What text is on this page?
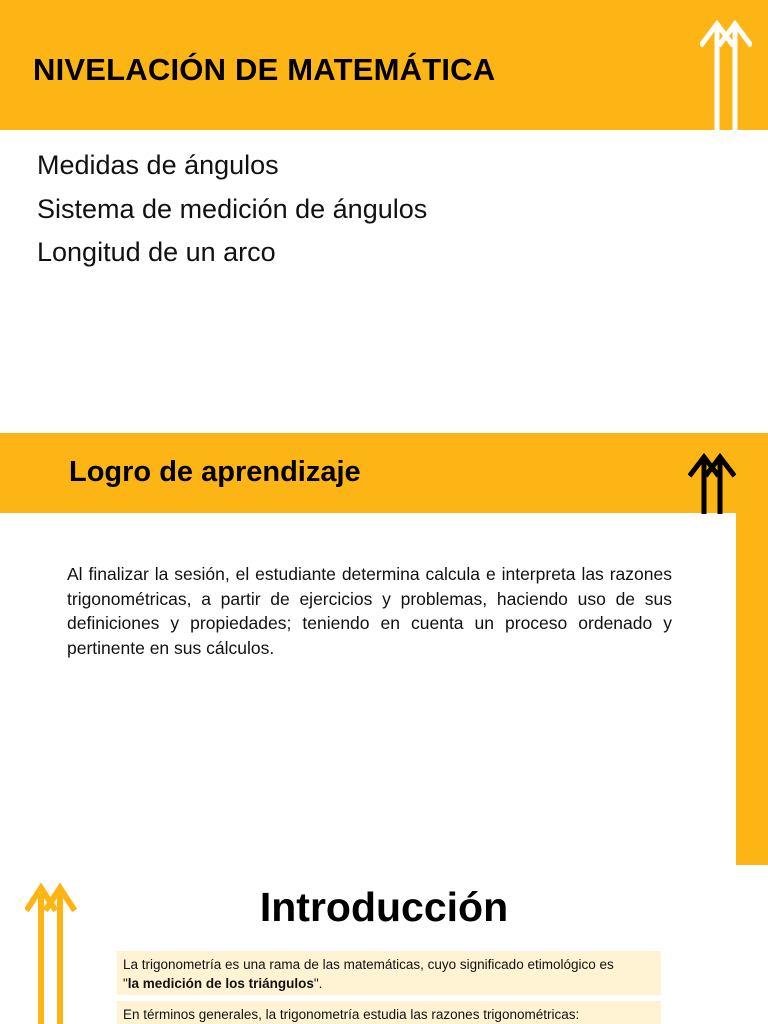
NIVELACIÓN DE MATEMÁTICA
Medidas de ángulos
Sistema de medición de ángulos
Longitud de un arco
Logro de aprendizaje
Al finalizar la sesión, el estudiante determina calcula e interpreta las razones trigonométricas, a partir de ejercicios y problemas, haciendo uso de sus definiciones y propiedades; teniendo en cuenta un proceso ordenado y pertinente en sus cálculos.
Introducción
La trigonometría es una rama de las matemáticas, cuyo significado etimológico es
"la medición de los triángulos".
En términos generales, la trigonometría estudia las razones trigonométricas:
